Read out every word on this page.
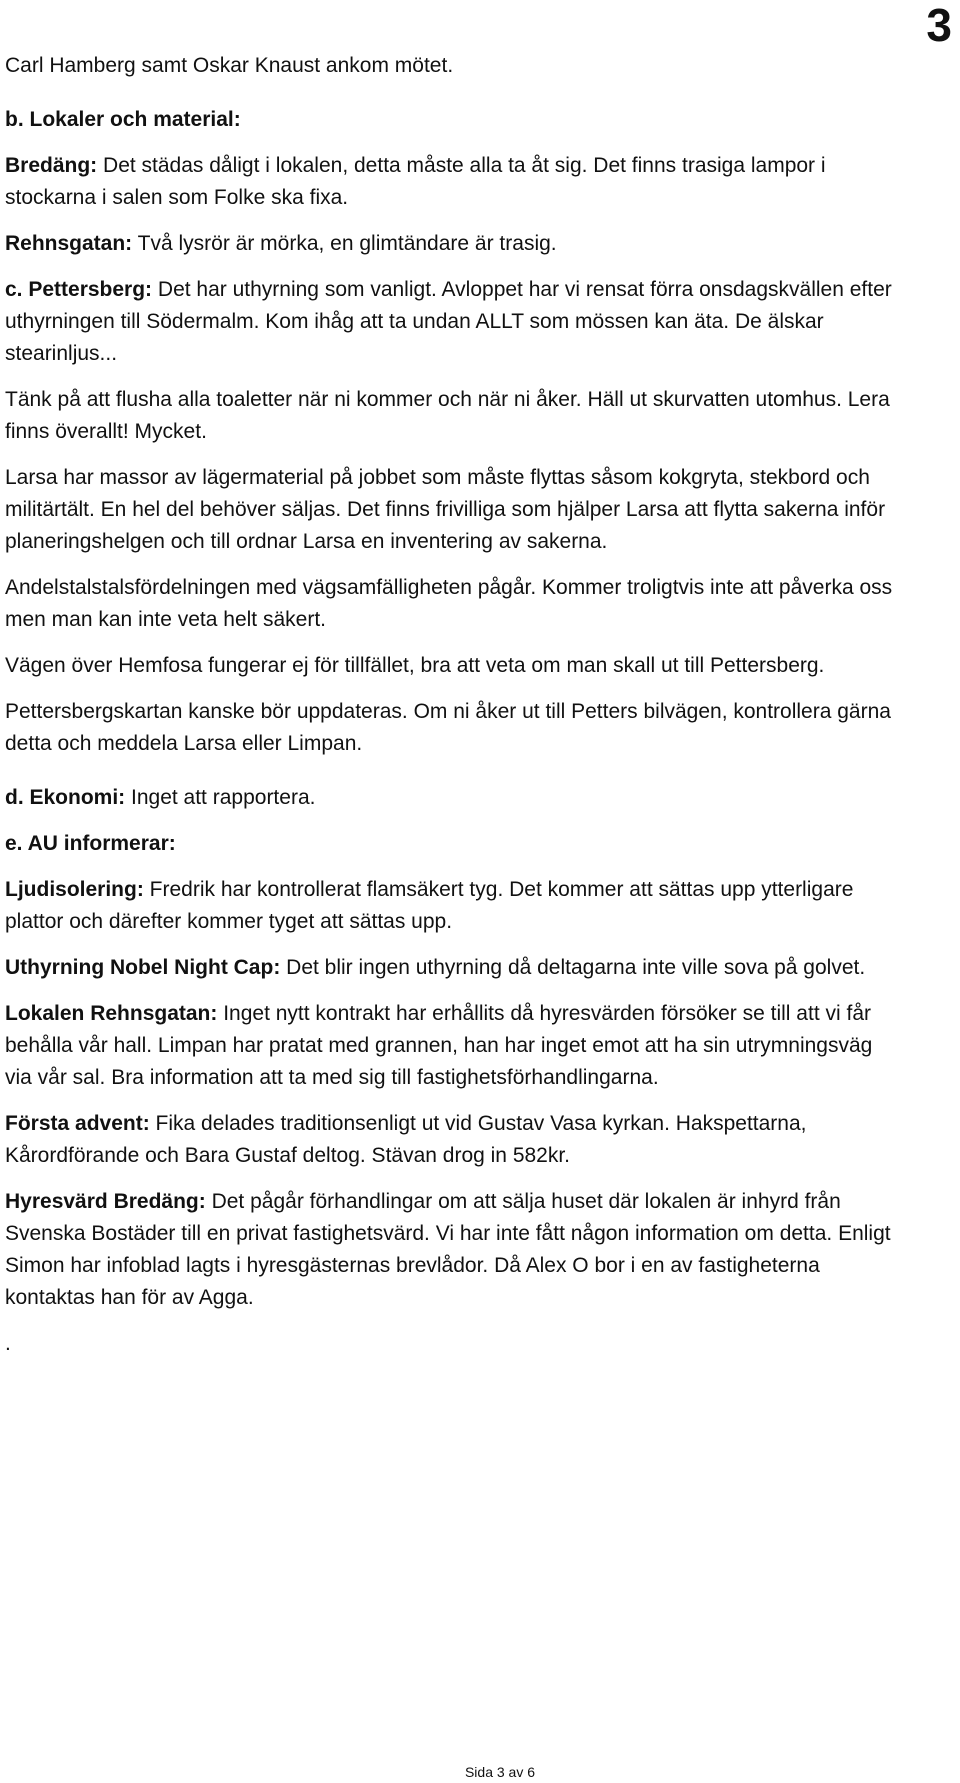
3

Carl Hamberg samt Oskar Knaust ankom mötet.

b. Lokaler och material:

Bredäng: Det städas dåligt i lokalen, detta måste alla ta åt sig. Det finns trasiga lampor i stockarna i salen som Folke ska fixa.

Rehnsgatan: Två lysrör är mörka, en glimtändare är trasig.

c. Pettersberg: Det har uthyrning som vanligt. Avloppet har vi rensat förra onsdagskvällen efter uthyrningen till Södermalm. Kom ihåg att ta undan ALLT som mössen kan äta. De älskar stearinljus...

Tänk på att flusha alla toaletter när ni kommer och när ni åker. Häll ut skurvatten utomhus. Lera finns överallt! Mycket.

Larsa har massor av lägermaterial på jobbet som måste flyttas såsom kokgryta, stekbord och militärtält. En hel del behöver säljas. Det finns frivilliga som hjälper Larsa att flytta sakerna inför planeringshelgen och till ordnar Larsa en inventering av sakerna.

Andelstalstalsfördelningen med vägsamfälligheten pågår. Kommer troligtvis inte att påverka oss men man kan inte veta helt säkert.

Vägen över Hemfosa fungerar ej för tillfället, bra att veta om man skall ut till Pettersberg.

Pettersbergskartan kanske bör uppdateras. Om ni åker ut till Petters bilvägen, kontrollera gärna detta och meddela Larsa eller Limpan.

d. Ekonomi: Inget att rapportera.

e. AU informerar:

Ljudisolering: Fredrik har kontrollerat flamsäkert tyg. Det kommer att sättas upp ytterligare plattor och därefter kommer tyget att sättas upp.

Uthyrning Nobel Night Cap: Det blir ingen uthyrning då deltagarna inte ville sova på golvet.

Lokalen Rehnsgatan: Inget nytt kontrakt har erhållits då hyresvärden försöker se till att vi får behålla vår hall. Limpan har pratat med grannen, han har inget emot att ha sin utrymningsväg via vår sal. Bra information att ta med sig till fastighetsförhandlingarna.

Första advent: Fika delades traditionsenligt ut vid Gustav Vasa kyrkan. Hakspettarna, Kårordförande och Bara Gustaf deltog. Stävan drog in 582kr.

Hyresvärd Bredäng: Det pågår förhandlingar om att sälja huset där lokalen är inhyrd från Svenska Bostäder till en privat fastighetsvärd. Vi har inte fått någon information om detta. Enligt Simon har infoblad lagts i hyresgästernas brevlådor. Då Alex O bor i en av fastigheterna kontaktas han för av Agga.

.

Sida 3 av 6
